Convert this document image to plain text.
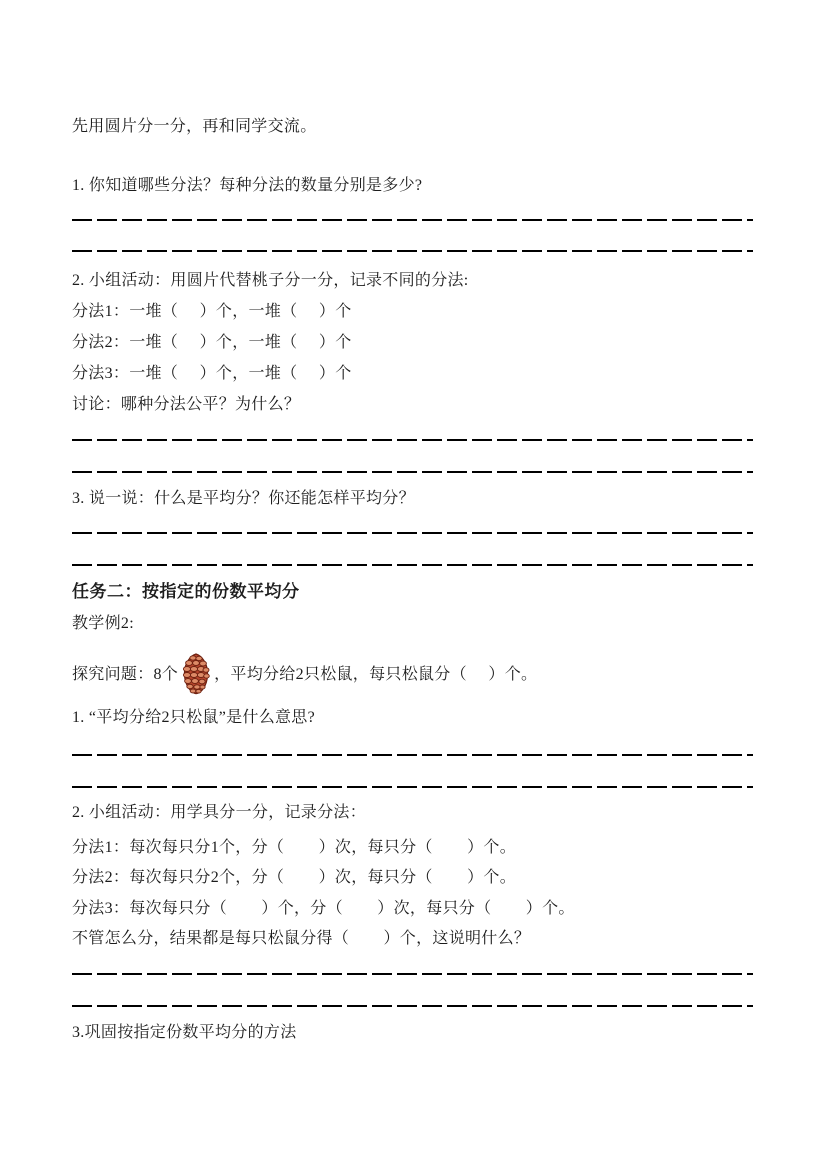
先用圆片分一分，再和同学交流。
1. 你知道哪些分法？每种分法的数量分别是多少?
2. 小组活动：用圆片代替桃子分一分，记录不同的分法:
分法1：一堆（     ）个，一堆（     ）个
分法2：一堆（     ）个，一堆（     ）个
分法3：一堆（     ）个，一堆（     ）个
讨论：哪种分法公平？为什么？
3. 说一说：什么是平均分？你还能怎样平均分？
任务二：按指定的份数平均分
教学例2:
探究问题：8个 ，平均分给2只松鼠，每只松鼠分（     ）个。
1. “平均分给2只松鼠”是什么意思?
2. 小组活动：用学具分一分，记录分法：
分法1：每次每只分1个，分（        ）次，每只分（        ）个。
分法2：每次每只分2个，分（        ）次，每只分（        ）个。
分法3：每次每只分（        ）个，分（        ）次，每只分（        ）个。
不管怎么分，结果都是每只松鼠分得（        ）个，这说明什么？
3.巩固按指定份数平均分的方法
